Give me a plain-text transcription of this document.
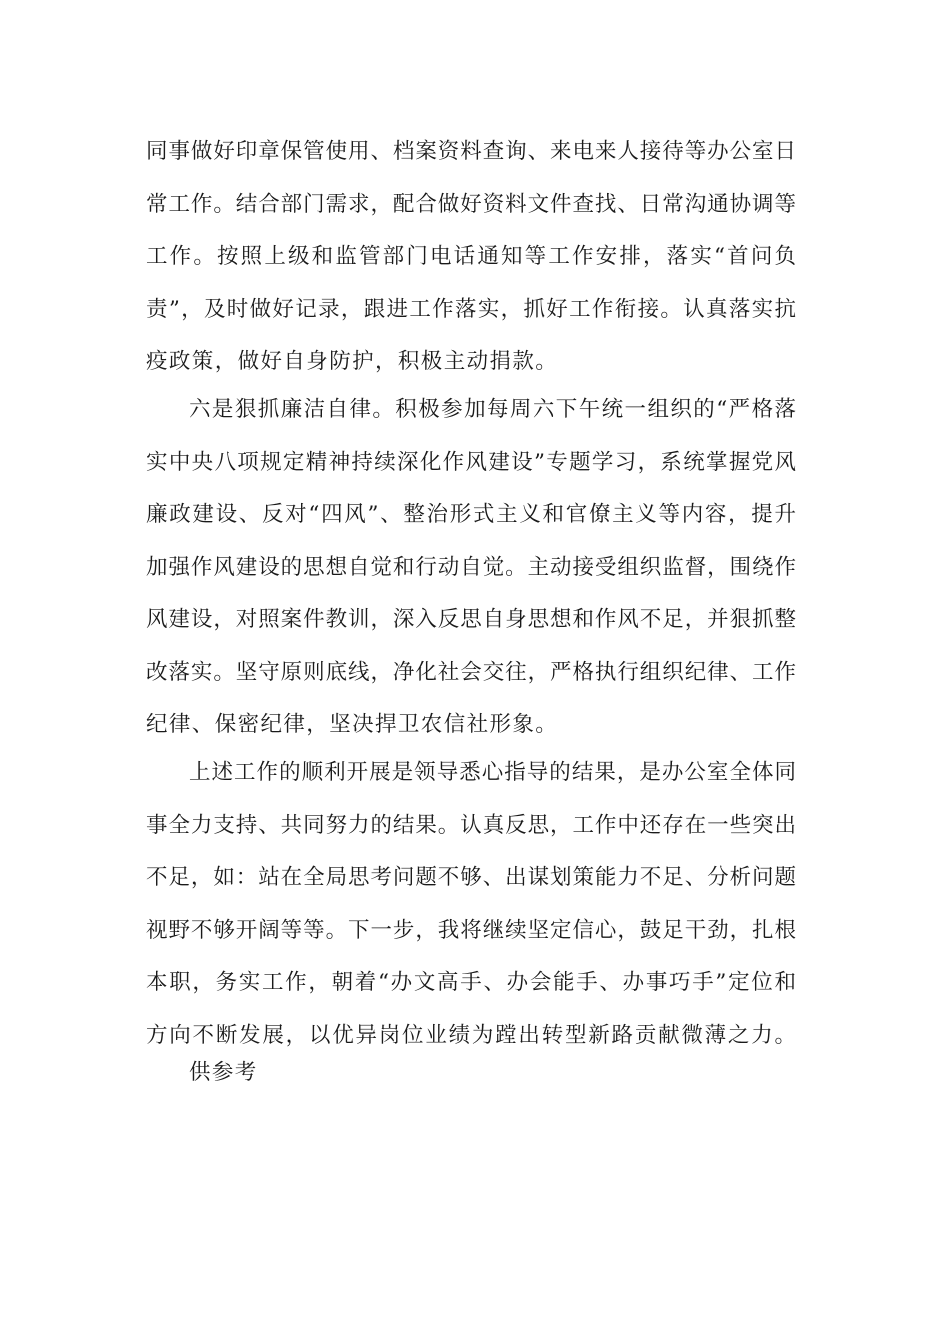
同事做好印章保管使用、档案资料查询、来电来人接待等办公室日
常工作。结合部门需求，配合做好资料文件查找、日常沟通协调等
工作。按照上级和监管部门电话通知等工作安排，落实“首问负
责”，及时做好记录，跟进工作落实，抓好工作衔接。认真落实抗
疫政策，做好自身防护，积极主动捐款。
六是狠抓廉洁自律。积极参加每周六下午统一组织的“严格落
实中央八项规定精神持续深化作风建设”专题学习，系统掌握党风
廉政建设、反对“四风”、整治形式主义和官僚主义等内容，提升
加强作风建设的思想自觉和行动自觉。主动接受组织监督，围绕作
风建设，对照案件教训，深入反思自身思想和作风不足，并狠抓整
改落实。坚守原则底线，净化社会交往，严格执行组织纪律、工作
纪律、保密纪律，坚决捍卫农信社形象。
上述工作的顺利开展是领导悉心指导的结果，是办公室全体同
事全力支持、共同努力的结果。认真反思，工作中还存在一些突出
不足，如：站在全局思考问题不够、出谋划策能力不足、分析问题
视野不够开阔等等。下一步，我将继续坚定信心，鼓足干劲，扎根
本职，务实工作，朝着“办文高手、办会能手、办事巧手”定位和
方向不断发展，以优异岗位业绩为蹚出转型新路贡献微薄之力。
供参考
